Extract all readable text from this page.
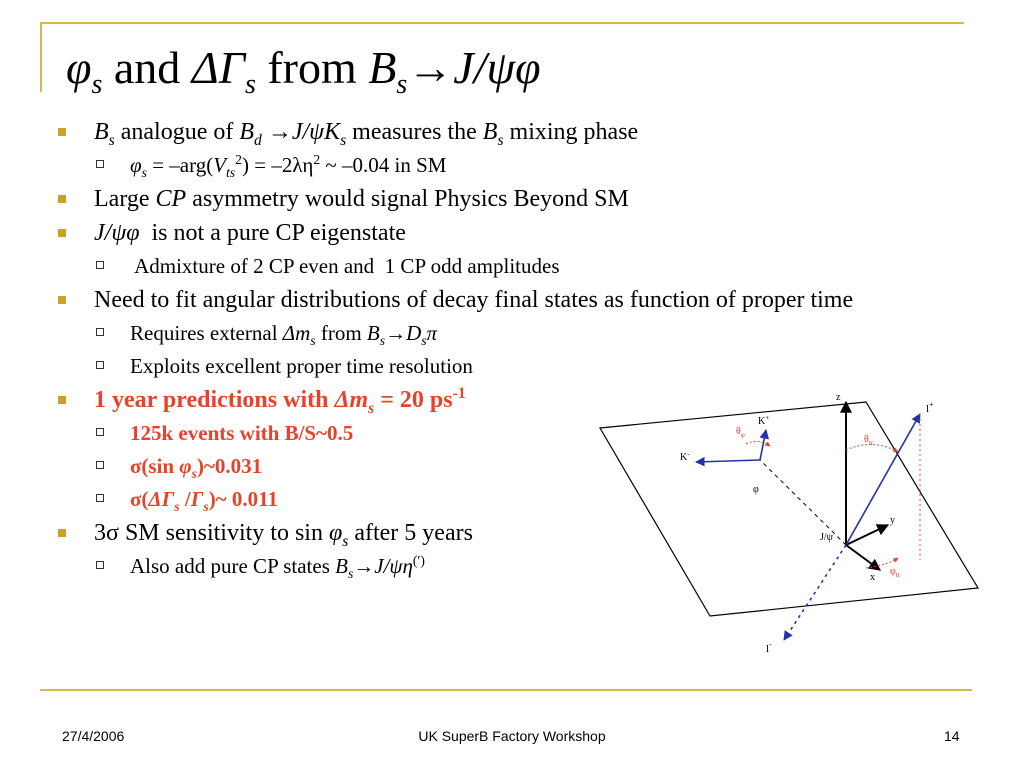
$\varphi_s$ and $\Delta\Gamma_s$ from $B_s\to J/\psi\varphi$
$B_s$ analogue of $B_d \to J/\psi K_s$ measures the $B_s$ mixing phase
$\varphi_s = -arg(V_{ts}^2) = -2\lambda\eta^2$ ~ –0.04 in SM
Large CP asymmetry would signal Physics Beyond SM
J/ψφ  is not a pure CP eigenstate
Admixture of 2 CP even and  1 CP odd amplitudes
Need to fit angular distributions of decay final states as function of proper time
Requires external $\Delta m_s$ from $B_s\to D_s\pi$
Exploits excellent proper time resolution
1 year predictions with $\Delta m_s = 20$ $ps^{-1}$
125k events with B/S~0.5
σ(sin $\varphi_s)\sim 0.031$
$\sigma(\Delta\Gamma_s$ $/\Gamma_s)\sim$ 0.011
3σ SM sensitivity to $\sin \varphi_s$ after 5 years
Also add pure CP states $B_s\to J/\psi\eta^{(')}$
z
y
x
l+
l-
J/ψ
φ
K+
K-
$\theta_\varphi$	$\theta_{tr}$
$\varphi_{tr}$
27/4/2006	UK SuperB Factory Workshop	14
